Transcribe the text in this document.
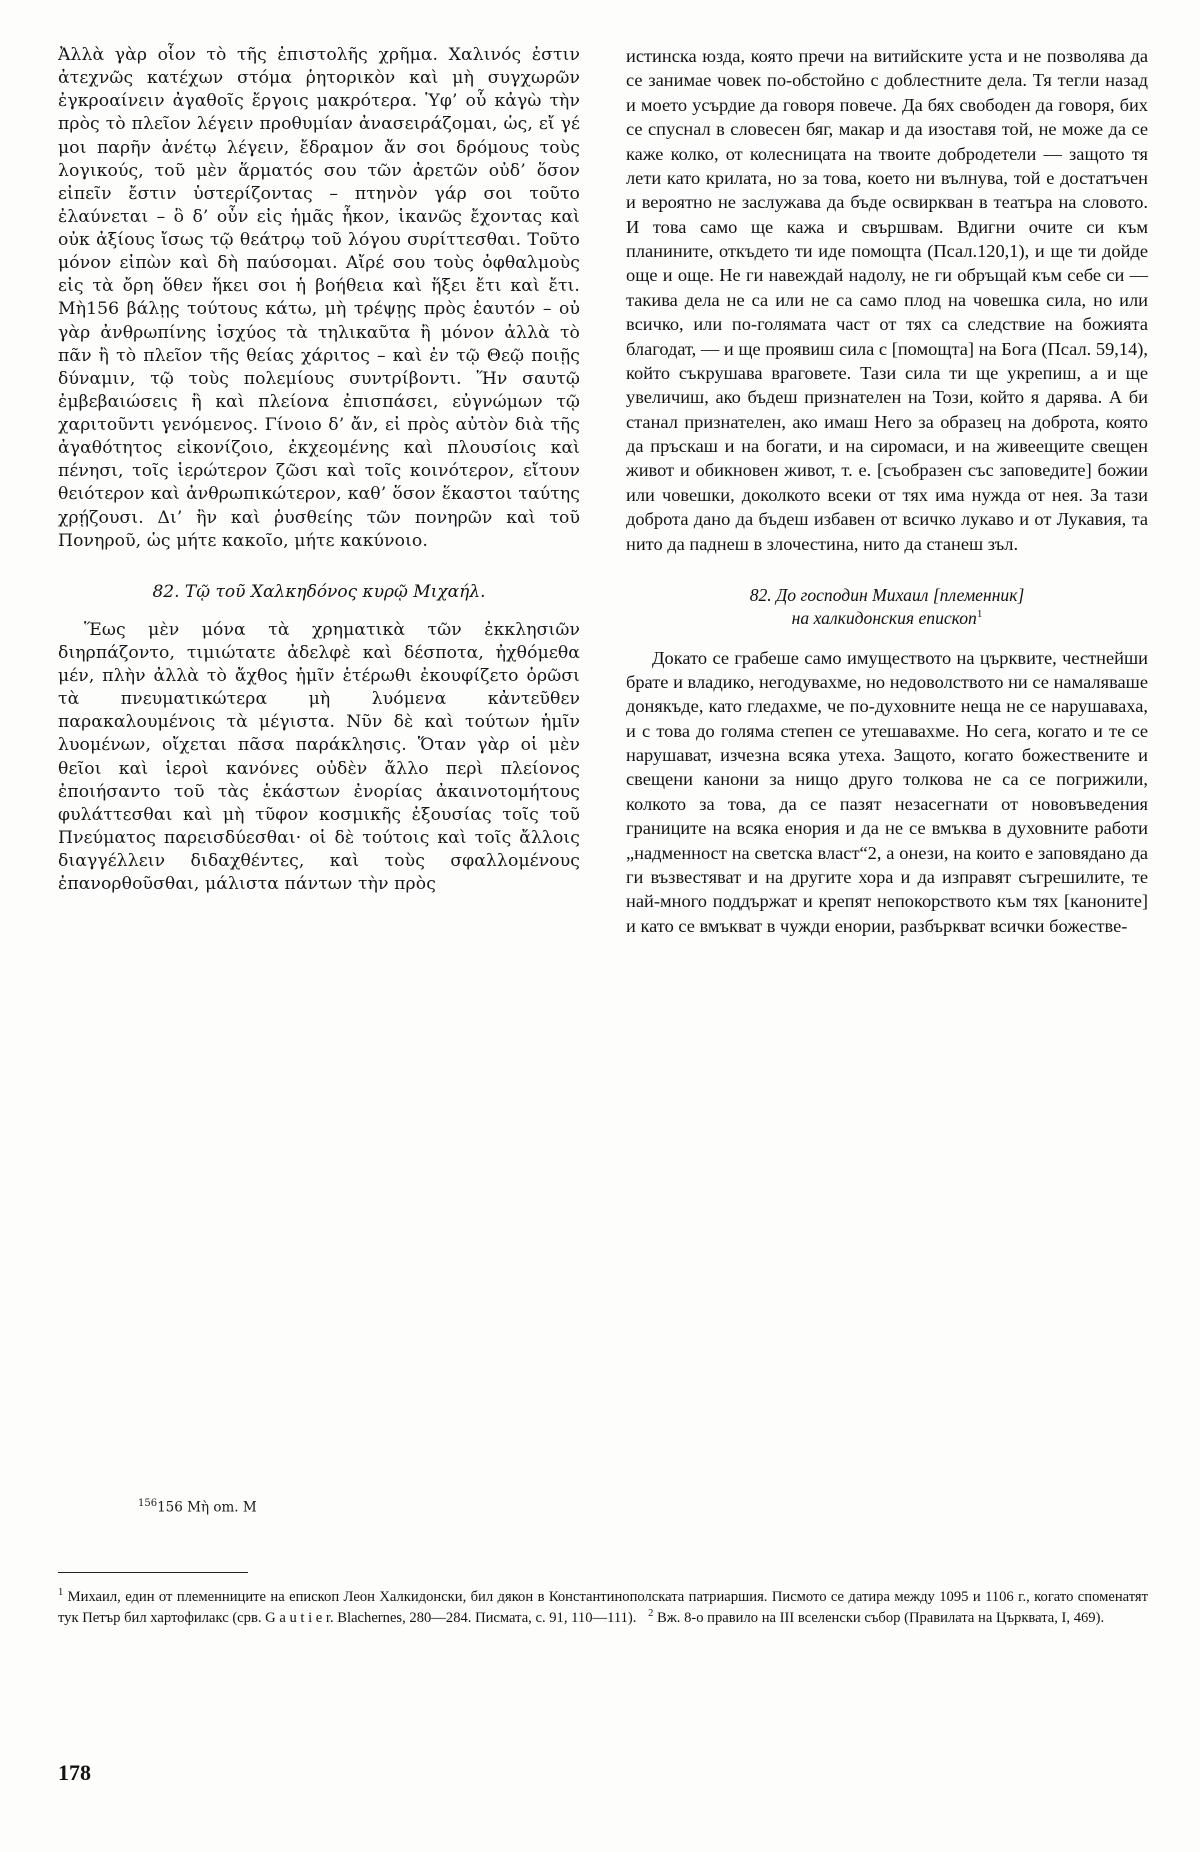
Ἀλλὰ γὰρ οἷον τὸ τῆς ἐπιστολῆς χρῆμα. Χαλινός ἐστιν ἀτεχνῶς κατέχων στόμα ῥητορικὸν καὶ μὴ συγχωρῶν ἐγκροαίνειν ἀγαθοῖς ἔργοις μακρότερα. Ὑφ’ οὗ κἀγὼ τὴν πρὸς τὸ πλεῖον λέγειν προθυμίαν ἀνασειράζομαι, ὡς, εἴ γέ μοι παρῆν ἀνέτῳ λέγειν, ἔδραμον ἄν σοι δρόμους τοὺς λογικούς, τοῦ μὲν ἅρματός σου τῶν ἀρετῶν οὐδ’ ὅσον εἰπεῖν ἔστιν ὑστερίζοντας – πτηνὸν γάρ σοι τοῦτο ἐλαύνεται – ὃ δ’ οὖν εἰς ἡμᾶς ἧκον, ἱκανῶς ἔχοντας καὶ οὐκ ἀξίους ἴσως τῷ θεάτρῳ τοῦ λόγου συρίττεσθαι. Τοῦτο μόνον εἰπὼν καὶ δὴ παύσομαι. Αἴρέ σου τοὺς ὀφθαλμοὺς εἰς τὰ ὄρη ὅθεν ἥκει σοι ἡ βοήθεια καὶ ἥξει ἔτι καὶ ἔτι. Μὴ156 βάλῃς τούτους κάτω, μὴ τρέψῃς πρὸς ἑαυτόν – οὐ γὰρ ἀνθρωπίνης ἰσχύος τὰ τηλικαῦτα ἢ μόνον ἀλλὰ τὸ πᾶν ἢ τὸ πλεῖον τῆς θείας χάριτος – καὶ ἐν τῷ Θεῷ ποιῇς δύναμιν, τῷ τοὺς πολεμίους συντρίβοντι. Ἥν σαυτῷ ἐμβεβαιώσεις ἢ καὶ πλείονα ἐπισπάσει, εὐγνώμων τῷ χαριτοῦντι γενόμενος. Γίνοιο δ’ ἄν, εἰ πρὸς αὐτὸν διὰ τῆς ἀγαθότητος εἰκονίζοιο, ἐκχεομένης καὶ πλουσίοις καὶ πένησι, τοῖς ἱερώτερον ζῶσι καὶ τοῖς κοινότερον, εἴτουν θειότερον καὶ ἀνθρωπικώτερον, καθ’ ὅσον ἕκαστοι ταύτης χρῄζουσι. Δι’ ἣν καὶ ῥυσθείης τῶν πονηρῶν καὶ τοῦ Πονηροῦ, ὡς μήτε κακοῖο, μήτε κακύνοιο.

82. Τῷ τοῦ Χαλκηδόνος κυρῷ Μιχαήλ.

Ἕως μὲν μόνα τὰ χρηματικὰ τῶν ἐκκλησιῶν διηρπάζοντο, τιμιώτατε ἀδελφὲ καὶ δέσποτα, ἠχθόμεθα μέν, πλὴν ἀλλὰ τὸ ἄχθος ἡμῖν ἑτέρωθι ἐκουφίζετο ὁρῶσι τὰ πνευματικώτερα μὴ λυόμενα κἀντεῦθεν παρακαλουμένοις τὰ μέγιστα. Νῦν δὲ καὶ τούτων ἡμῖν λυομένων, οἴχεται πᾶσα παράκλησις. Ὅταν γὰρ οἱ μὲν θεῖοι καὶ ἱεροὶ κανόνες οὐδὲν ἄλλο περὶ πλείονος ἐποιήσαντο τοῦ τὰς ἑκάστων ἐνορίας ἀκαινοτομήτους φυλάττεσθαι καὶ μὴ τῦφον κοσμικῆς ἐξουσίας τοῖς τοῦ Πνεύματος παρεισδύεσθαι· οἱ δὲ τούτοις καὶ τοῖς ἄλλοις διαγγέλλειν διδαχθέντες, καὶ τοὺς σφαλλομένους ἐπανορθοῦσθαι, μάλιστα πάντων τὴν πρὸς

истинска юзда, която пречи на витийските уста и не позволява да се занимае човек по-обстойно с доблестните дела. Тя тегли назад и моето усърдие да говоря повече. Да бях свободен да говоря, бих се спуснал в словесен бяг, макар и да изоставя той, не може да се каже колко, от колесницата на твоите добродетели — защото тя лети като крилата, но за това, което ни вълнува, той е достатъчен и вероятно не заслужава да бъде освиркван в театъра на словото. И това само ще кажа и свършвам. Вдигни очите си към планините, откъдето ти иде помощта (Псал.120,1), и ще ти дойде още и още. Не ги навеждай надолу, не ги обръщай към себе си — такива дела не са или не са само плод на човешка сила, но или всичко, или по-голямата част от тях са следствие на божията благодат, — и ще проявиш сила с [помощта] на Бога (Псал. 59,14), който съкрушава враговете. Тази сила ти ще укрепиш, а и ще увеличиш, ако бъдеш признателен на Този, който я дарява. А би станал признателен, ако имаш Него за образец на доброта, която да пръскаш и на богати, и на сиромаси, и на живеещите свещен живот и обикновен живот, т. е. [съобразен със заповедите] божии или човешки, доколкото всеки от тях има нужда от нея. За тази доброта дано да бъдеш избавен от всичко лукаво и от Лукавия, та нито да паднеш в злочестина, нито да станеш зъл.

82. До господин Михаил [племенник]
на халкидонския епископ$^1$

Докато се грабеше само имуществото на църквите, честнейши брате и владико, негодувахме, но недоволството ни се намаляваше донякъде, като гледахме, че по-духовните неща не се нарушаваха, и с това до голяма степен се утешавахме. Но сега, когато и те се нарушават, изчезна всяка утеха. Защото, когато божествените и свещени канони за нищо друго толкова не са се погрижили, колкото за това, да се пазят незасегнати от нововъведения границите на всяка енория и да не се вмъква в духовните работи „надменност на светска власт“2, а онези, на които е заповядано да ги възвестяват и на другите хора и да изправят съгрешилите, те най-много поддържат и крепят непокорството към тях [каноните] и като се вмъкват в чужди енории, разбъркват всички божестве-

$^{156}$156 Μὴ om. M

$^1$ Михаил, един от племенниците на епископ Леон Халкидонски, бил дякон в Константинополската патриаршия. Писмото се датира между 1095 и 1106 г., когато споменатят тук Петър бил хартофилакс (срв. G a u t i e r. Blachernes, 280—284. Писмата, с. 91, 110—111). $^2$ Вж. 8-о правило на III вселенски събор (Правилата на Църквата, I, 469).

178
